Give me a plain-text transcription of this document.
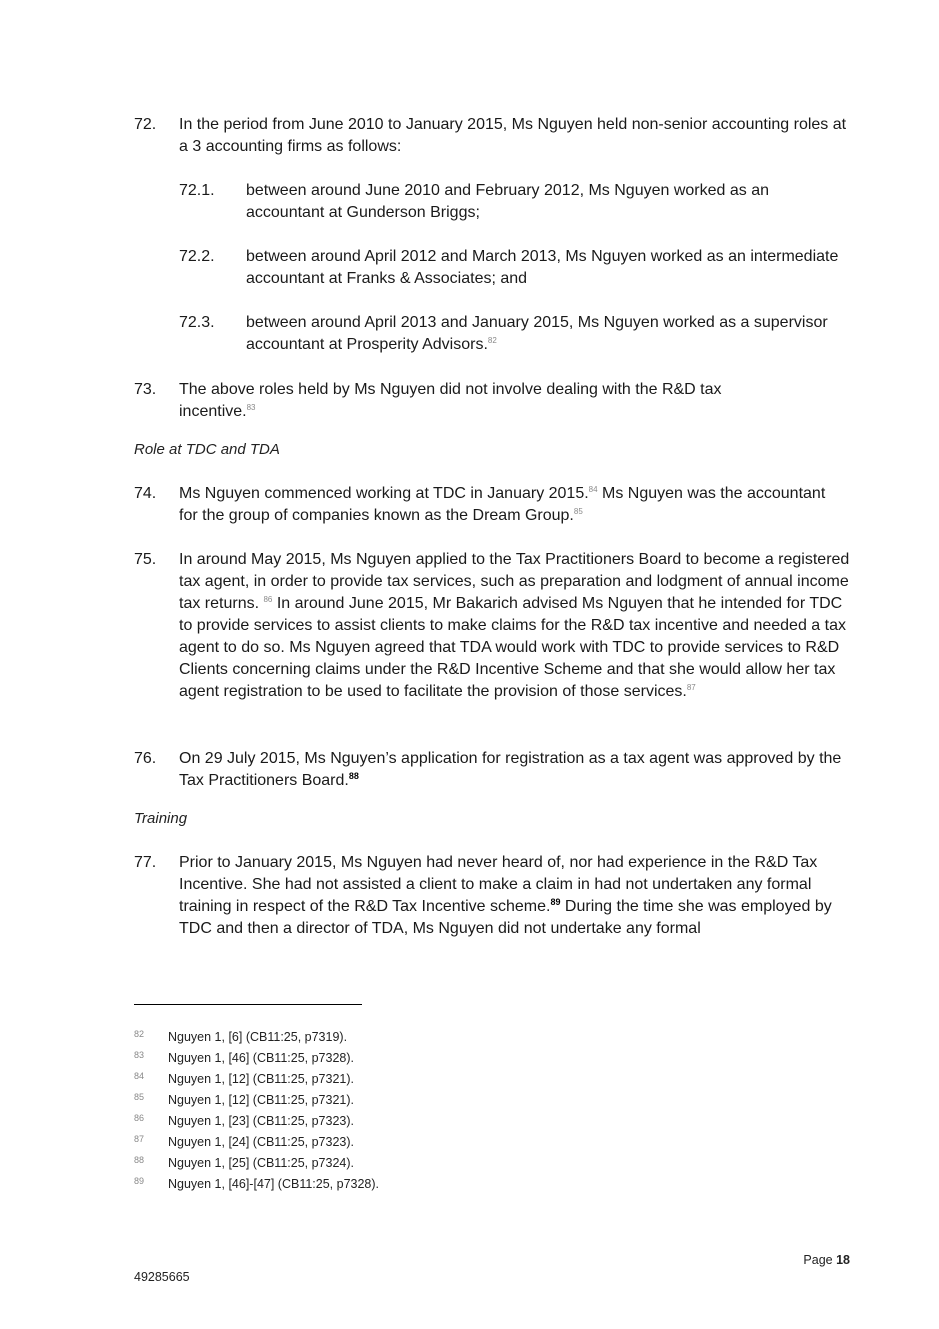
72. In the period from June 2010 to January 2015, Ms Nguyen held non-senior accounting roles at a 3 accounting firms as follows:
72.1. between around June 2010 and February 2012, Ms Nguyen worked as an accountant at Gunderson Briggs;
72.2. between around April 2012 and March 2013, Ms Nguyen worked as an intermediate accountant at Franks & Associates; and
72.3. between around April 2013 and January 2015, Ms Nguyen worked as a supervisor accountant at Prosperity Advisors.$^{82}$
73. The above roles held by Ms Nguyen did not involve dealing with the R&D tax incentive.$^{83}$
Role at TDC and TDA
74. Ms Nguyen commenced working at TDC in January 2015.84 Ms Nguyen was the accountant for the group of companies known as the Dream Group.$^{85}$
75. In around May 2015, Ms Nguyen applied to the Tax Practitioners Board to become a registered tax agent, in order to provide tax services, such as preparation and lodgment of annual income tax returns. $^{86}$ In around June 2015, Mr Bakarich advised Ms Nguyen that he intended for TDC to provide services to assist clients to make claims for the R&D tax incentive and needed a tax agent to do so. Ms Nguyen agreed that TDA would work with TDC to provide services to R&D Clients concerning claims under the R&D Incentive Scheme and that she would allow her tax agent registration to be used to facilitate the provision of those services.$^{87}$
76. On 29 July 2015, Ms Nguyen’s application for registration as a tax agent was approved by the Tax Practitioners Board.$^{88}$
Training
77. Prior to January 2015, Ms Nguyen had never heard of, nor had experience in the R&D Tax Incentive. She had not assisted a client to make a claim in had not undertaken any formal training in respect of the R&D Tax Incentive scheme.$^{89}$ During the time she was employed by TDC and then a director of TDA, Ms Nguyen did not undertake any formal
82 Nguyen 1, [6] (CB11:25, p7319).
83 Nguyen 1, [46] (CB11:25, p7328).
84 Nguyen 1, [12] (CB11:25, p7321).
85 Nguyen 1, [12] (CB11:25, p7321).
86 Nguyen 1, [23] (CB11:25, p7323).
87 Nguyen 1, [24] (CB11:25, p7323).
88 Nguyen 1, [25] (CB11:25, p7324).
89 Nguyen 1, [46]-[47] (CB11:25, p7328).
Page 18
49285665
